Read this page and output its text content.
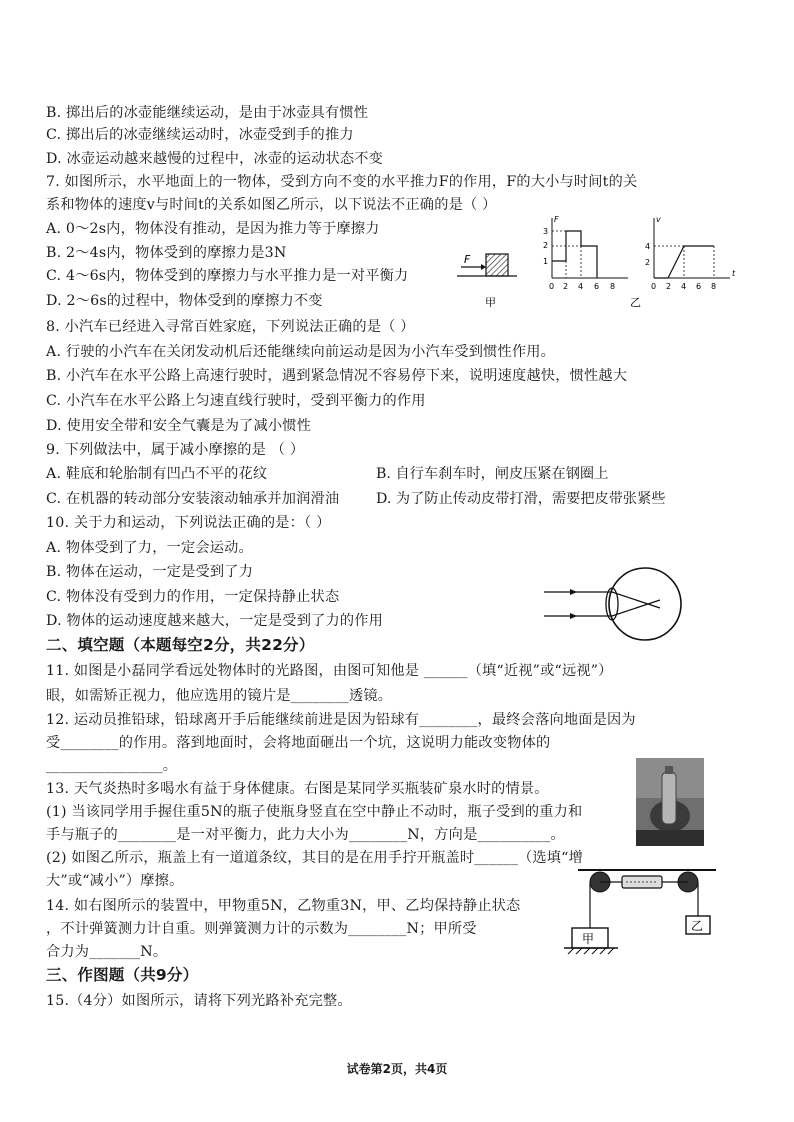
B. 掷出后的冰壶能继续运动，是由于冰壶具有惯性
C. 掷出后的冰壶继续运动时，冰壶受到手的推力
D. 冰壶运动越来越慢的过程中，冰壶的运动状态不变
7. 如图所示，水平地面上的一物体，受到方向不变的水平推力F的作用，F的大小与时间t的关
系和物体的速度v与时间t的关系如图乙所示，以下说法不正确的是（ ）
A. 0～2s内，物体没有推动，是因为推力等于摩擦力
B. 2～4s内，物体受到的摩擦力是3N
C. 4～6s内，物体受到的摩擦力与水平推力是一对平衡力
D. 2～6s的过程中，物体受到的摩擦力不变
8. 小汽车已经进入寻常百姓家庭，下列说法正确的是（ ）
A. 行驶的小汽车在关闭发动机后还能继续向前运动是因为小汽车受到惯性作用。
B. 小汽车在水平公路上高速行驶时，遇到紧急情况不容易停下来，说明速度越快，惯性越大
C. 小汽车在水平公路上匀速直线行驶时，受到平衡力的作用
D. 使用安全带和安全气囊是为了减小惯性
9. 下列做法中，属于减小摩擦的是 （ ）
A. 鞋底和轮胎制有凹凸不平的花纹	B. 自行车刹车时，闸皮压紧在钢圈上
C. 在机器的转动部分安装滚动轴承并加润滑油	D. 为了防止传动皮带打滑，需要把皮带张紧些
10. 关于力和运动，下列说法正确的是：（ ）
A. 物体受到了力，一定会运动。
B. 物体在运动，一定是受到了力
C. 物体没有受到力的作用，一定保持静止状态
D. 物体的运动速度越来越大，一定是受到了力的作用
二、填空题（本题每空2分，共22分）
11. 如图是小磊同学看远处物体时的光路图，由图可知他是 ______（填“近视”或“远视”）
眼，如需矫正视力，他应选用的镜片是________透镜。
12. 运动员推铅球，铅球离开手后能继续前进是因为铅球有________，最终会落向地面是因为
受________的作用。落到地面时，会将地面砸出一个坑，这说明力能改变物体的
________________。
13. 天气炎热时多喝水有益于身体健康。右图是某同学买瓶装矿泉水时的情景。
(1) 当该同学用手握住重5N的瓶子使瓶身竖直在空中静止不动时，瓶子受到的重力和
手与瓶子的________是一对平衡力，此力大小为________N，方向是__________。
(2) 如图乙所示，瓶盖上有一道道条纹，其目的是在用手拧开瓶盖时______（选填“增
大”或“减小”）摩擦。
14. 如右图所示的装置中，甲物重5N，乙物重3N，甲、乙均保持静止状态
，不计弹簧测力计自重。则弹簧测力计的示数为________N；甲所受
合力为_______N。
三、作图题（共9分）
15.（4分）如图所示，请将下列光路补充完整。
F
甲
F
3
2
1
0 2 4 6 8
v
t
4
2
0 2 4 6 8
乙
甲
乙
试卷第2页，共4页
